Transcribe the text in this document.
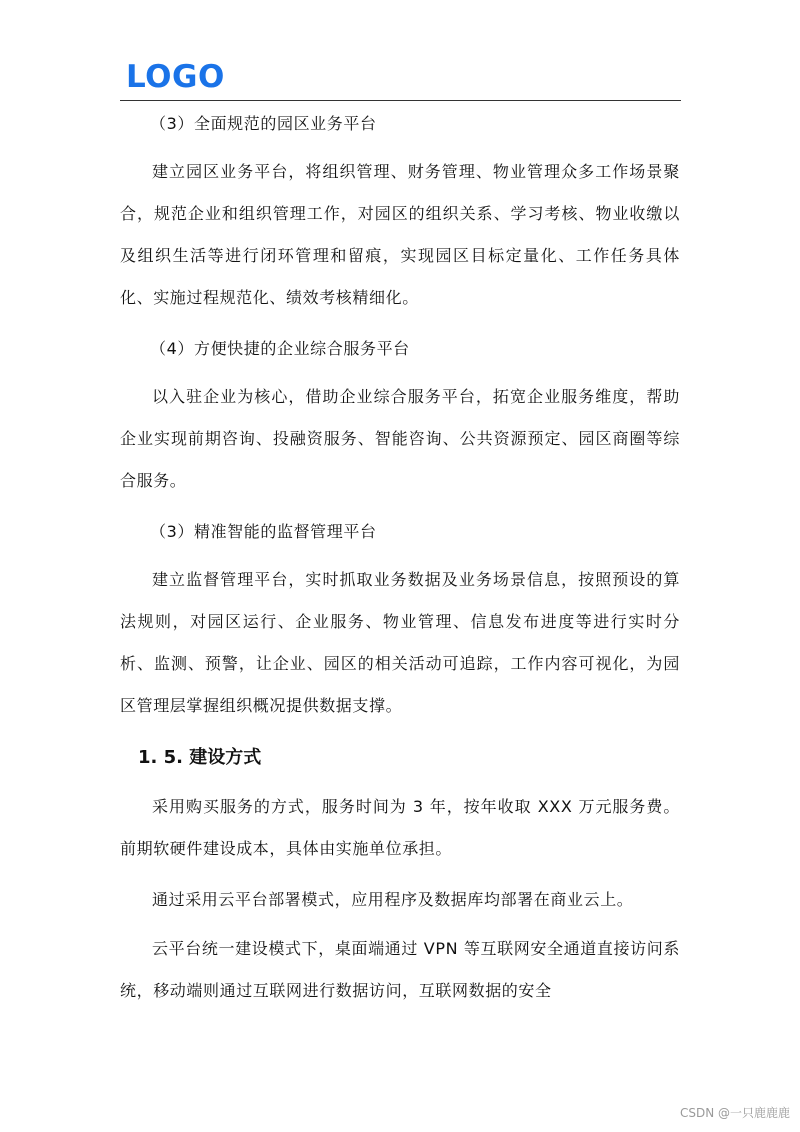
LOGO

（3）全面规范的园区业务平台

建立园区业务平台，将组织管理、财务管理、物业管理众多工作场景聚合，规范企业和组织管理工作，对园区的组织关系、学习考核、物业收缴以及组织生活等进行闭环管理和留痕，实现园区目标定量化、工作任务具体化、实施过程规范化、绩效考核精细化。

（4）方便快捷的企业综合服务平台

以入驻企业为核心，借助企业综合服务平台，拓宽企业服务维度，帮助企业实现前期咨询、投融资服务、智能咨询、公共资源预定、园区商圈等综合服务。

（3）精准智能的监督管理平台

建立监督管理平台，实时抓取业务数据及业务场景信息，按照预设的算法规则，对园区运行、企业服务、物业管理、信息发布进度等进行实时分析、监测、预警，让企业、园区的相关活动可追踪，工作内容可视化，为园区管理层掌握组织概况提供数据支撑。

1. 5. 建设方式

采用购买服务的方式，服务时间为 3 年，按年收取 XXX 万元服务费。前期软硬件建设成本，具体由实施单位承担。

通过采用云平台部署模式，应用程序及数据库均部署在商业云上。

云平台统一建设模式下，桌面端通过 VPN 等互联网安全通道直接访问系统，移动端则通过互联网进行数据访问，互联网数据的安全

CSDN @一只鹿鹿鹿
